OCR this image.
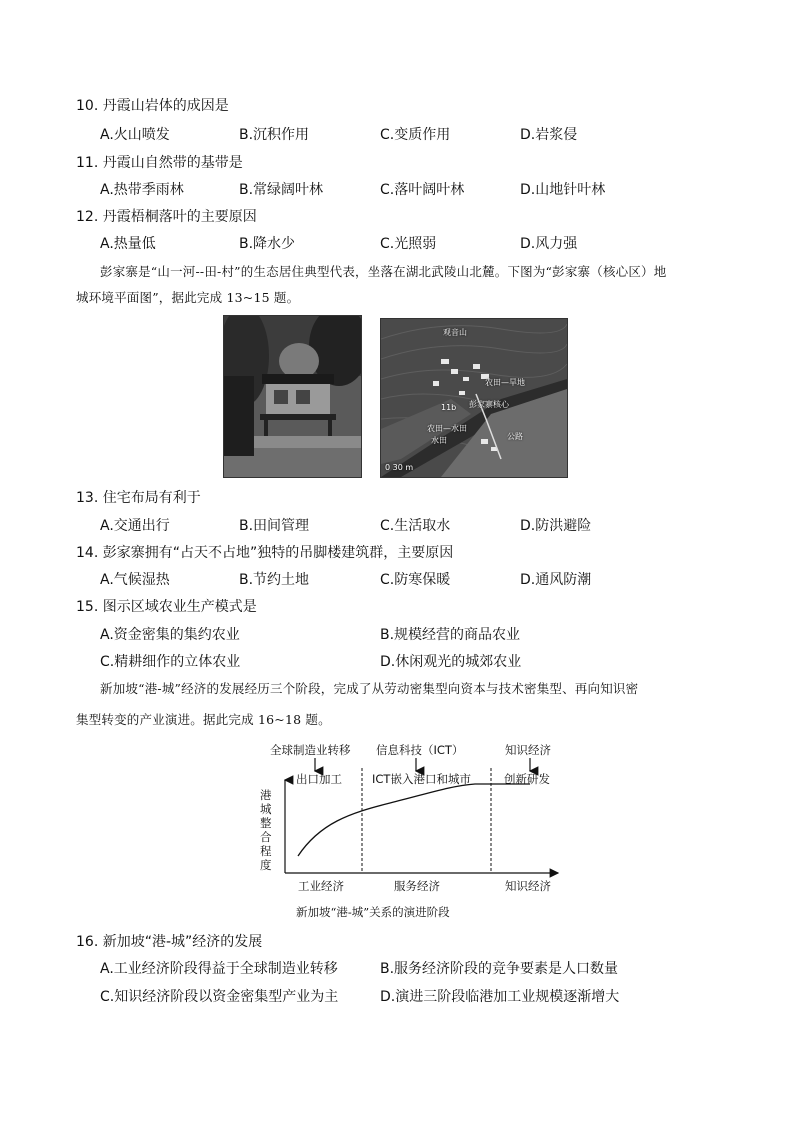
10. 丹霞山岩体的成因是
A.火山喷发	B.沉积作用	C.变质作用	D.岩浆侵
11. 丹霞山自然带的基带是
A.热带季雨林	B.常绿阔叶林	C.落叶阔叶林	D.山地针叶林
12. 丹霞梧桐落叶的主要原因
A.热量低	B.降水少	C.光照弱	D.风力强
彭家寨是“山一河--田-村”的生态居住典型代表，坐落在湖北武陵山北麓。下图为“彭家寨（核心区）地
城环境平面图”，据此完成 13~15 题。
观音山
农田—旱地
彭家寨核心
11b
农田—水田
水田	公路
0 30 m
13. 住宅布局有利于
A.交通出行	B.田间管理	C.生活取水	D.防洪避险
14. 彭家寨拥有“占天不占地”独特的吊脚楼建筑群，主要原因
A.气候湿热	B.节约土地	C.防寒保暖	D.通风防潮
15. 图示区域农业生产模式是
A.资金密集的集约农业	B.规模经营的商品农业
C.精耕细作的立体农业	D.休闲观光的城郊农业
新加坡“港-城”经济的发展经历三个阶段，完成了从劳动密集型向资本与技术密集型、再向知识密
集型转变的产业演进。据此完成 16~18 题。
全球制造业转移 信息科技（ICT）	知识经济
出口加工	ICT嵌入港口和城市	创新研发
港城整合程度
工业经济	服务经济	知识经济
新加坡“港-城”关系的演进阶段
16. 新加坡“港-城”经济的发展
A.工业经济阶段得益于全球制造业转移	B.服务经济阶段的竞争要素是人口数量
C.知识经济阶段以资金密集型产业为主	D.演进三阶段临港加工业规模逐渐增大
